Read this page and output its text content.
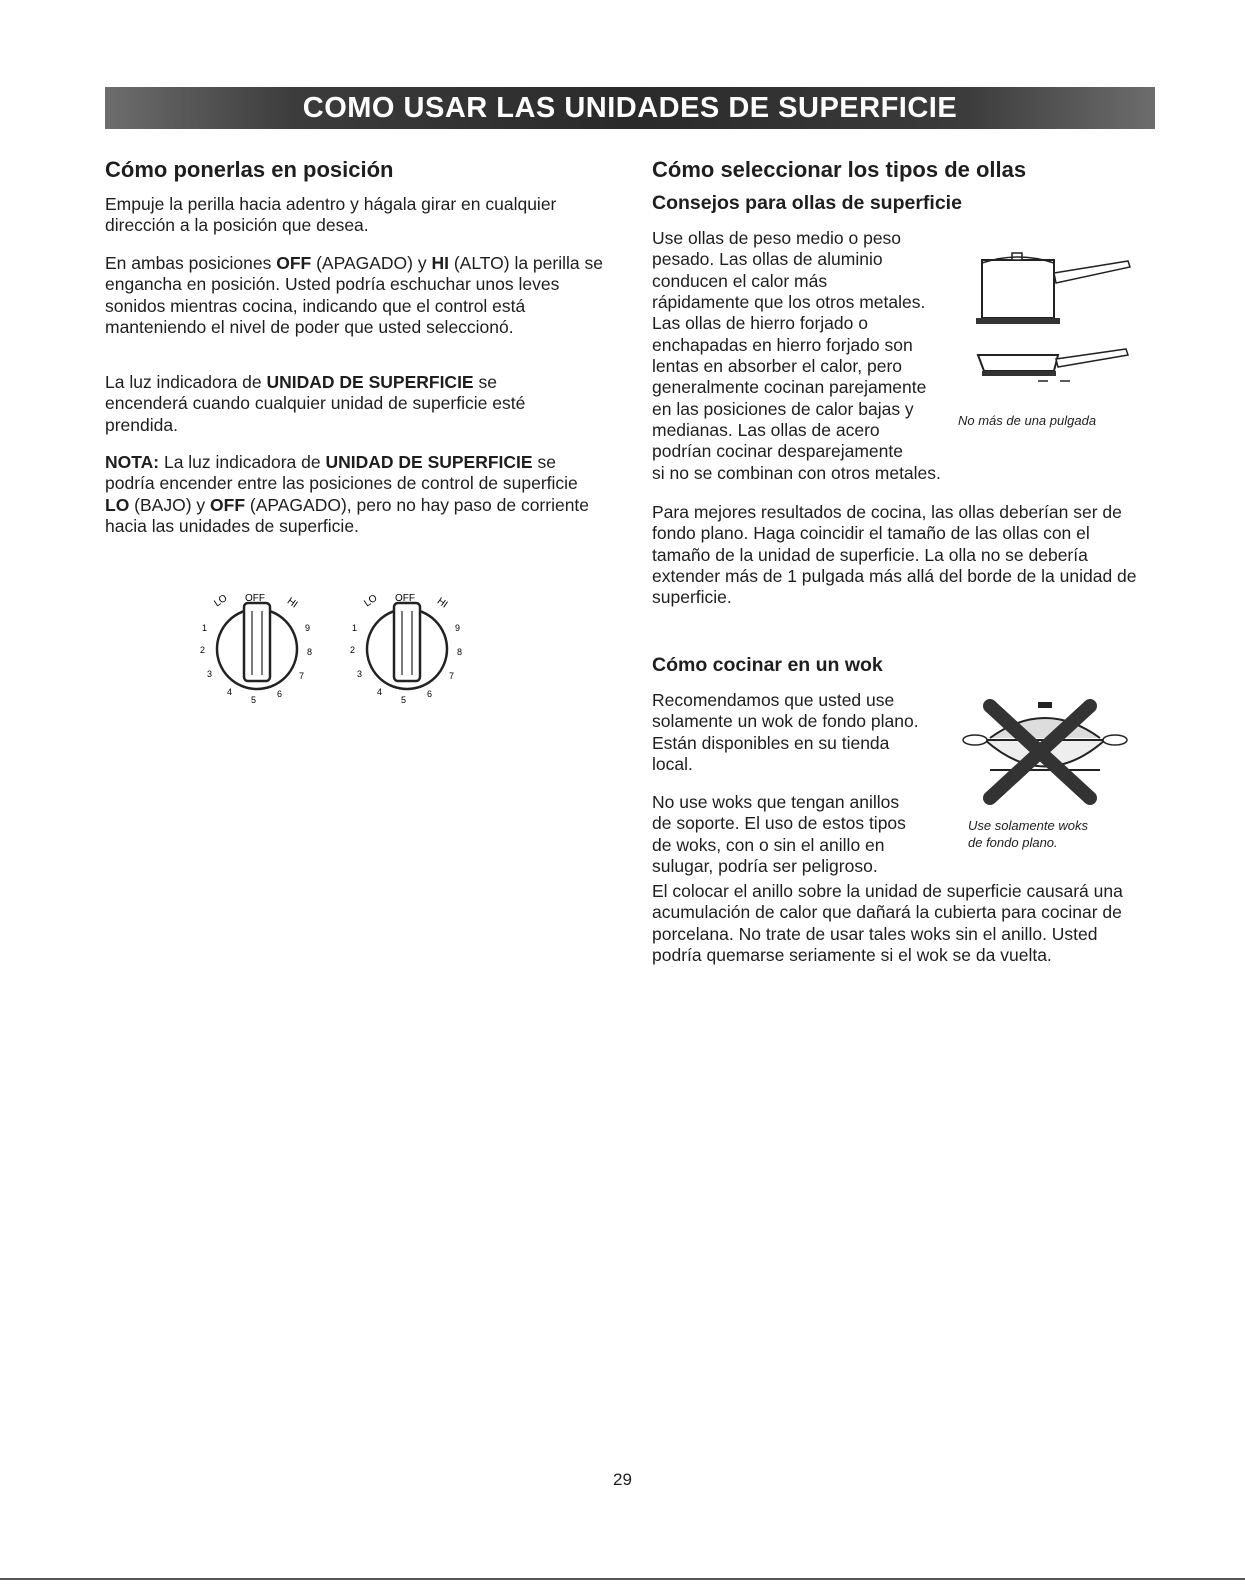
COMO USAR LAS UNIDADES DE SUPERFICIE
Cómo ponerlas en posición

Empuje la perilla hacia adentro y hágala girar en cualquier dirección a la posición que desea.

En ambas posiciones OFF (APAGADO) y HI (ALTO) la perilla se engancha en posición. Usted podría eschuchar unos leves sonidos mientras cocina, indicando que el control está manteniendo el nivel de poder que usted seleccionó.

La luz indicadora de UNIDAD DE SUPERFICIE se encenderá cuando cualquier unidad de superficie esté prendida.

NOTA: La luz indicadora de UNIDAD DE SUPERFICIE se podría encender entre las posiciones de control de superficie LO (BAJO) y OFF (APAGADO), pero no hay paso de corriente hacia las unidades de superficie.

OFF
LO	HI
1
2
3
4
5
6
7
8
9
OFF
LO	HI
1
2
3
4
5
6
7
8
9
Cómo seleccionar los tipos de ollas
Consejos para ollas de superficie

Use ollas de peso medio o peso

pesado. Las ollas de aluminio

conducen el calor más

rápidamente que los otros metales.

Las ollas de hierro forjado o

enchapadas en hierro forjado son

lentas en absorber el calor, pero

generalmente cocinan parejamente

en las posiciones de calor bajas y

medianas. Las ollas de acero

podrían cocinar desparejamente

si no se combinan con otros metales.

No más de una pulgada

Para mejores resultados de cocina, las ollas deberían ser de fondo plano. Haga coincidir el tamaño de las ollas con el tamaño de la unidad de superficie. La olla no se debería extender más de 1 pulgada más allá del borde de la unidad de superficie.

Cómo cocinar en un wok

Recomendamos que usted use

solamente un wok de fondo plano.

Están disponibles en su tienda

local.

No use woks que tengan anillos

de soporte. El uso de estos tipos

de woks, con o sin el anillo en

sulugar, podría ser peligroso.

Use solamente woks
de fondo plano.

El colocar el anillo sobre la unidad de superficie causará una acumulación de calor que dañará la cubierta para cocinar de porcelana. No trate de usar tales woks sin el anillo. Usted podría quemarse seriamente si el wok se da vuelta.

29
